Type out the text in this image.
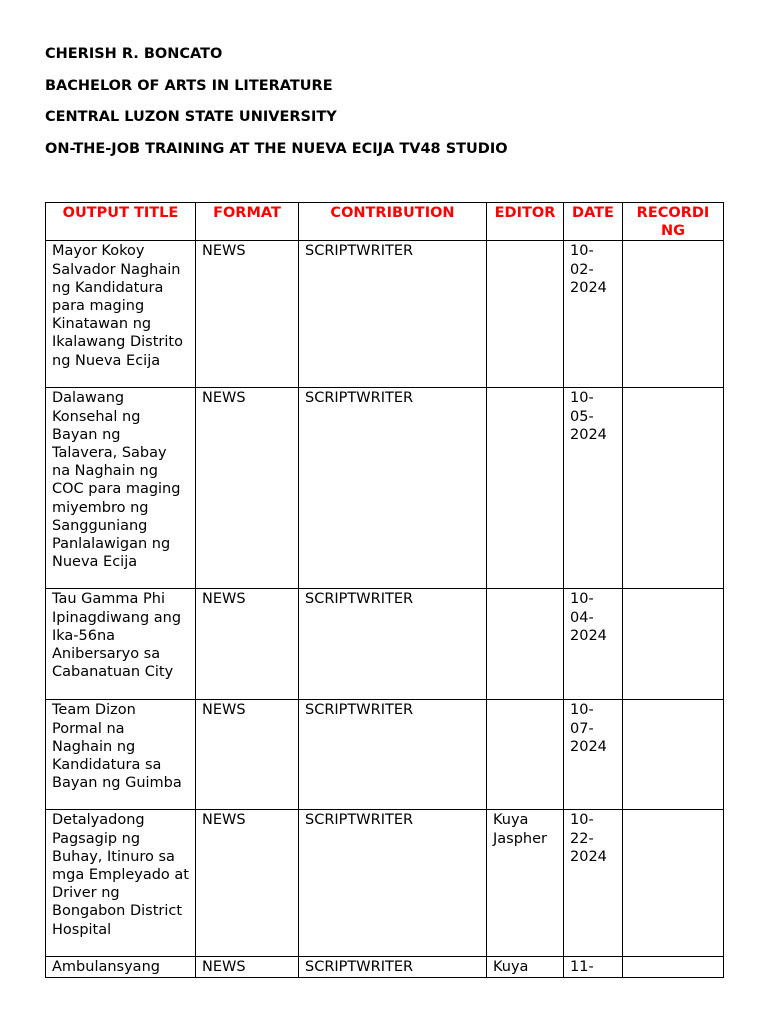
CHERISH R. BONCATO

BACHELOR OF ARTS IN LITERATURE

CENTRAL LUZON STATE UNIVERSITY

ON-THE-JOB TRAINING AT THE NUEVA ECIJA TV48 STUDIO

OUTPUT TITLE	FORMAT	CONTRIBUTION	EDITOR	DATE	RECORDI NG
Mayor Kokoy Salvador Naghain ng Kandidatura para maging Kinatawan ng Ikalawang Distrito ng Nueva Ecija	NEWS	SCRIPTWRITER		10-02-2024	
Dalawang Konsehal ng Bayan ng Talavera, Sabay na Naghain ng COC para maging miyembro ng Sangguniang Panlalawigan ng Nueva Ecija	NEWS	SCRIPTWRITER		10-05-2024	
Tau Gamma Phi Ipinagdiwang ang Ika-56na Anibersaryo sa Cabanatuan City	NEWS	SCRIPTWRITER		10-04-2024	
Team Dizon Pormal na Naghain ng Kandidatura sa Bayan ng Guimba	NEWS	SCRIPTWRITER		10-07-2024	
Detalyadong Pagsagip ng Buhay, Itinuro sa mga Empleyado at Driver ng Bongabon District Hospital	NEWS	SCRIPTWRITER	Kuya Jaspher	10-22-2024	
Ambulansyang	NEWS	SCRIPTWRITER	Kuya	11-	
